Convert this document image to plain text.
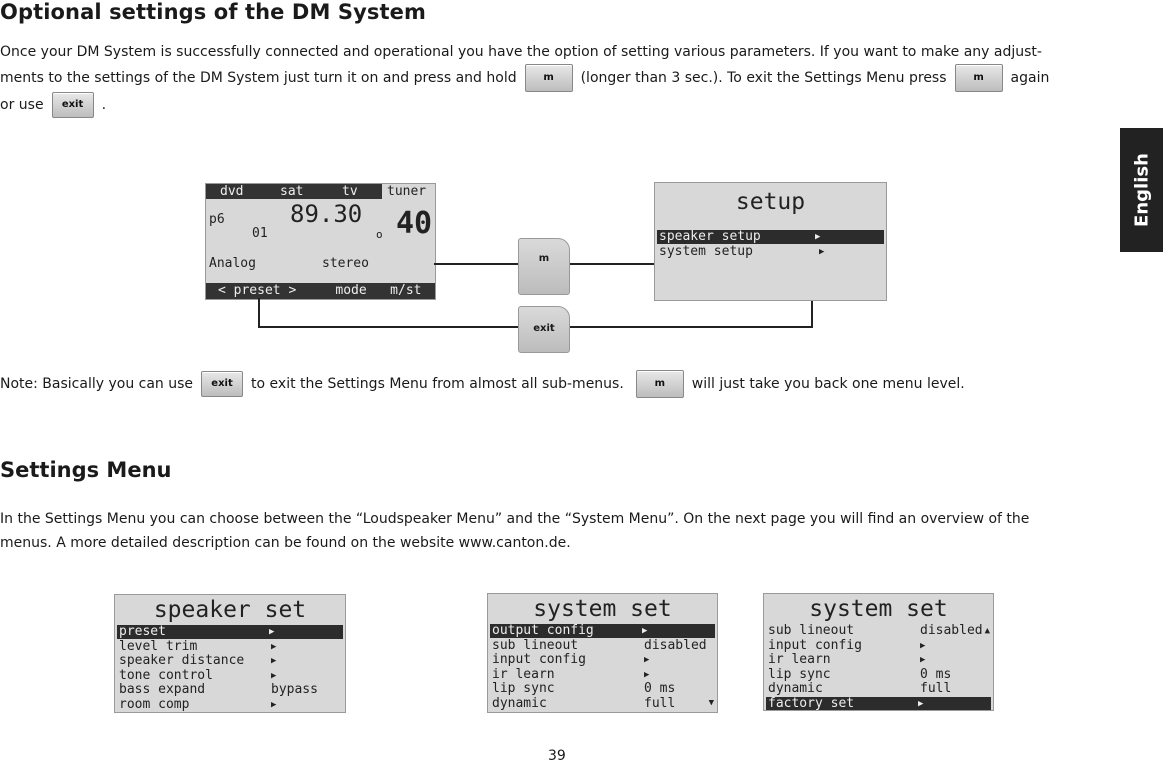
Optional settings of the DM System
Once your DM System is successfully connected and operational you have the option of setting various parameters. If you want to make any adjust-
ments to the settings of the DM System just turn it on and press and hold	m (longer than 3 sec.). To exit the Settings Menu press	m again
or use exit .
dvd	sat	tv tuner
p6
01
89.30
o 40
Analog	stereo
< preset >     mode   m/st
m
exit
setup
speaker setup	▶
system setup	▶
Note: Basically you can use exit to exit the Settings Menu from almost all sub-menus.	m will just take you back one menu level.
Settings Menu
In the Settings Menu you can choose between the “Loudspeaker Menu” and the “System Menu”. On the next page you will find an overview of the
menus. A more detailed description can be found on the website www.canton.de.
speaker set
preset	▶
level trim	▶
speaker distance	▶
tone control	▶
bass expand	bypass
room comp	▶
system set
output config	▶
sub lineout	disabled
input config	▶
ir learn	▶
lip sync	0 ms
dynamic	full	▼
system set
sub lineout	disabled
input config	▶
ir learn	▶
lip sync	0 ms
dynamic	full
factory set	▶
▲
English
39
